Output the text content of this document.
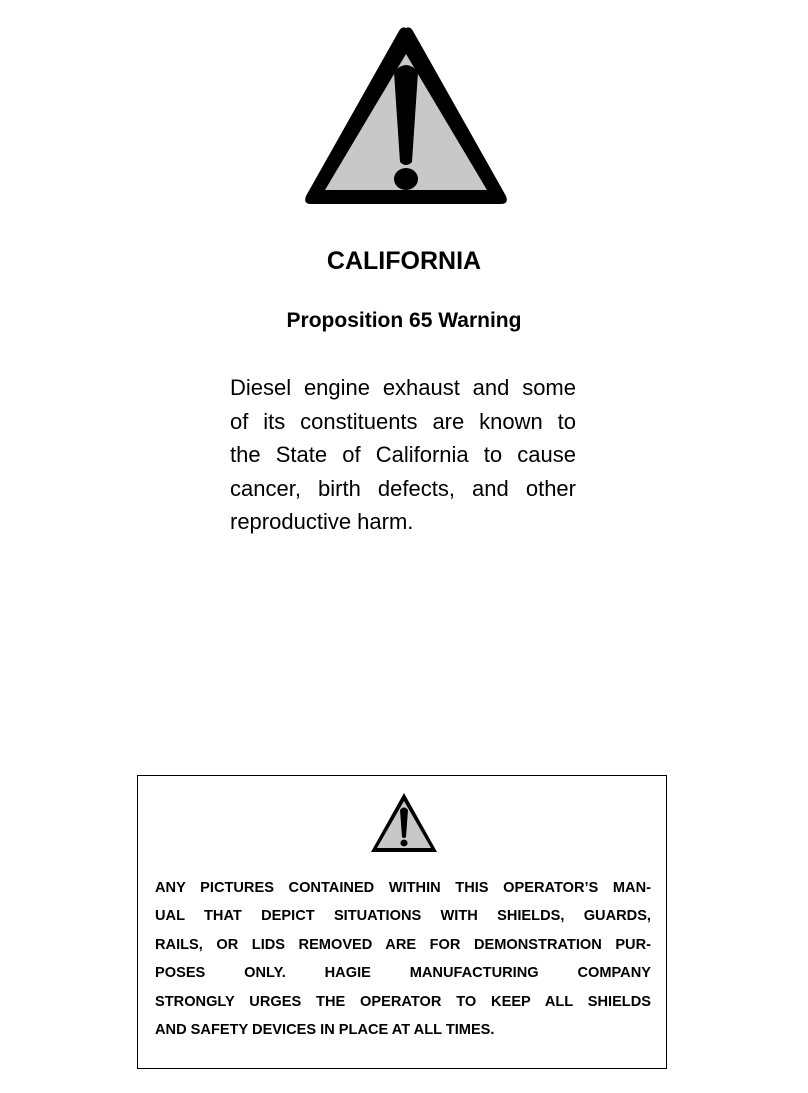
CALIFORNIA
Proposition 65 Warning
Diesel engine exhaust and some
of its constituents are known to
the State of California to cause
cancer, birth defects, and other
reproductive harm.
ANY PICTURES CONTAINED WITHIN THIS OPERATOR’S MAN-
UAL THAT DEPICT SITUATIONS WITH SHIELDS, GUARDS,
RAILS, OR LIDS REMOVED ARE FOR DEMONSTRATION PUR-
POSES ONLY. HAGIE MANUFACTURING COMPANY
STRONGLY URGES THE OPERATOR TO KEEP ALL SHIELDS
AND SAFETY DEVICES IN PLACE AT ALL TIMES.
